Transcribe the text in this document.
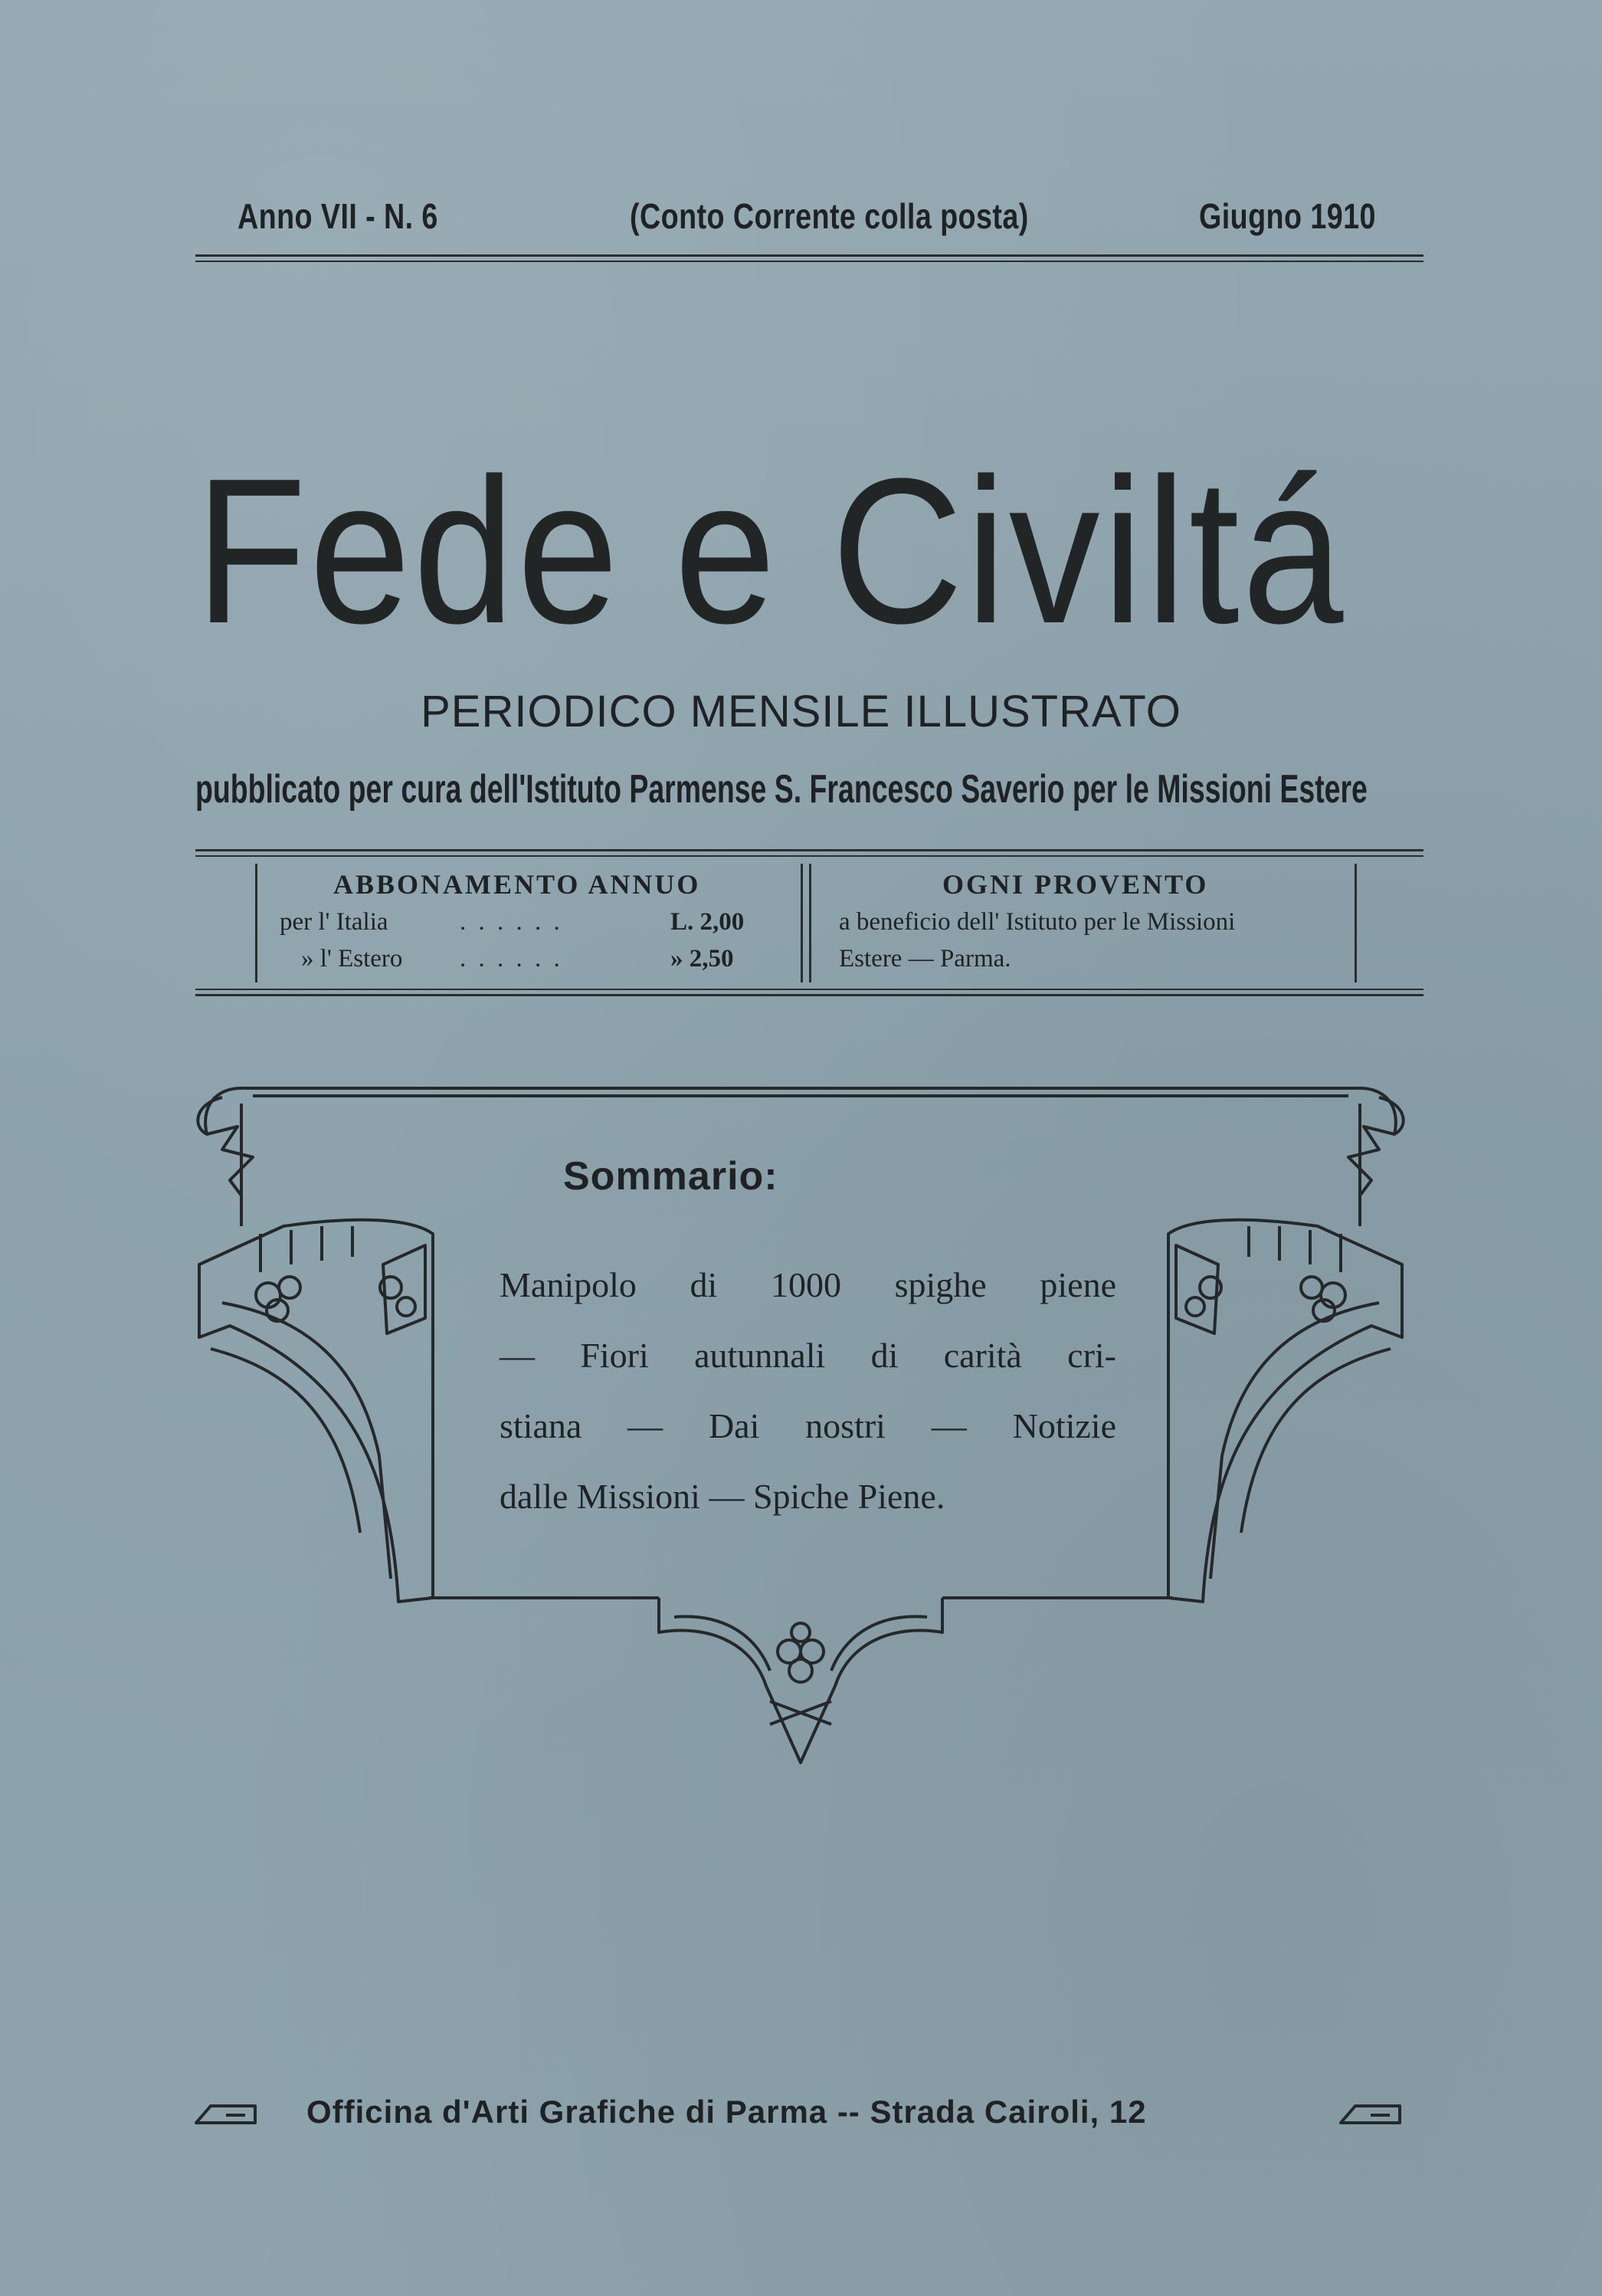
Anno VII - N. 6	(Conto Corrente colla posta)	Giugno 1910
Fede e Civiltá
PERIODICO MENSILE ILLUSTRATO
pubblicato per cura dell'Istituto Parmense S. Francesco Saverio per le Missioni Estere
ABBONAMENTO ANNUO
per l' Italia	. . . . . .	L. 2,00
» l' Estero . . . . . .	» 2,50
OGNI PROVENTO
a beneficio dell' Istituto per le Missioni
Estere — Parma.
Sommario:
Manipolo di 1000 spighe piene
— Fiori autunnali di carità cri-
stiana — Dai nostri — Notizie
dalle Missioni — Spiche Piene.
Officina d'Arti Grafiche di Parma -- Strada Cairoli, 12
